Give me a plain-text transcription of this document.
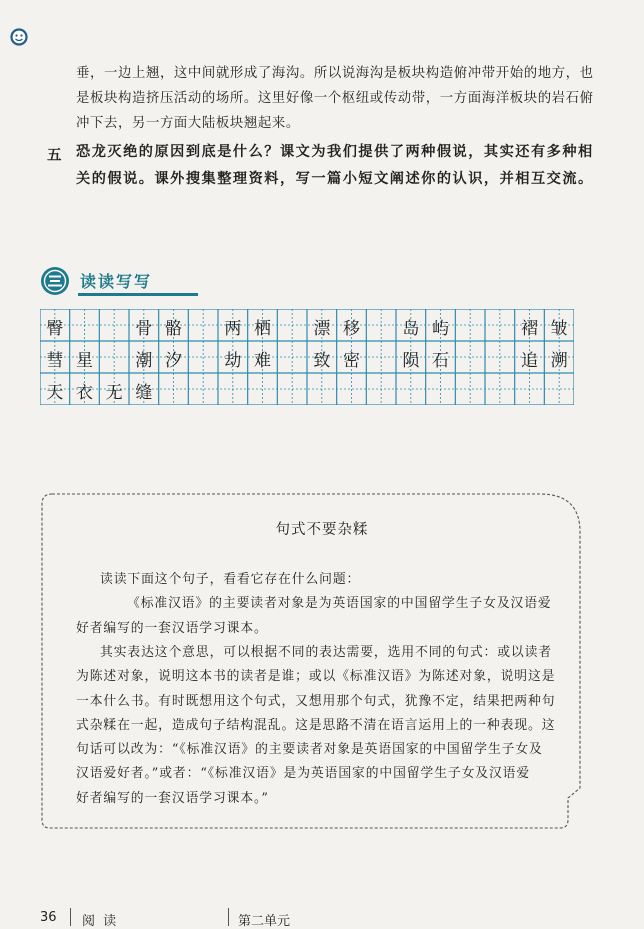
垂，一边上翘，这中间就形成了海沟。所以说海沟是板块构造俯冲带开始的地方，也是板块构造挤压活动的场所。这里好像一个枢纽或传动带，一方面海洋板块的岩石俯冲下去，另一方面大陆板块翘起来。
五 恐龙灭绝的原因到底是什么？课文为我们提供了两种假说，其实还有多种相关的假说。课外搜集整理资料，写一篇小短文阐述你的认识，并相互交流。
读读写写
臀	骨 骼 两 栖 漂 移 岛 屿	褶 皱
彗 星 潮 汐 劫 难 致 密 陨 石	追 溯
天 衣 无 缝
句式不要杂糅
读读下面这个句子，看看它存在什么问题：
《标准汉语》的主要读者对象是为英语国家的中国留学生子女及汉语爱
好者编写的一套汉语学习课本。
其实表达这个意思，可以根据不同的表达需要，选用不同的句式：或以读者
为陈述对象，说明这本书的读者是谁；或以《标准汉语》为陈述对象，说明这是
一本什么书。有时既想用这个句式，又想用那个句式，犹豫不定，结果把两种句
式杂糅在一起，造成句子结构混乱。这是思路不清在语言运用上的一种表现。这
句话可以改为：“《标准汉语》的主要读者对象是英语国家的中国留学生子女及
汉语爱好者。”或者：“《标准汉语》是为英语国家的中国留学生子女及汉语爱
好者编写的一套汉语学习课本。”
36 阅 读	第二单元
